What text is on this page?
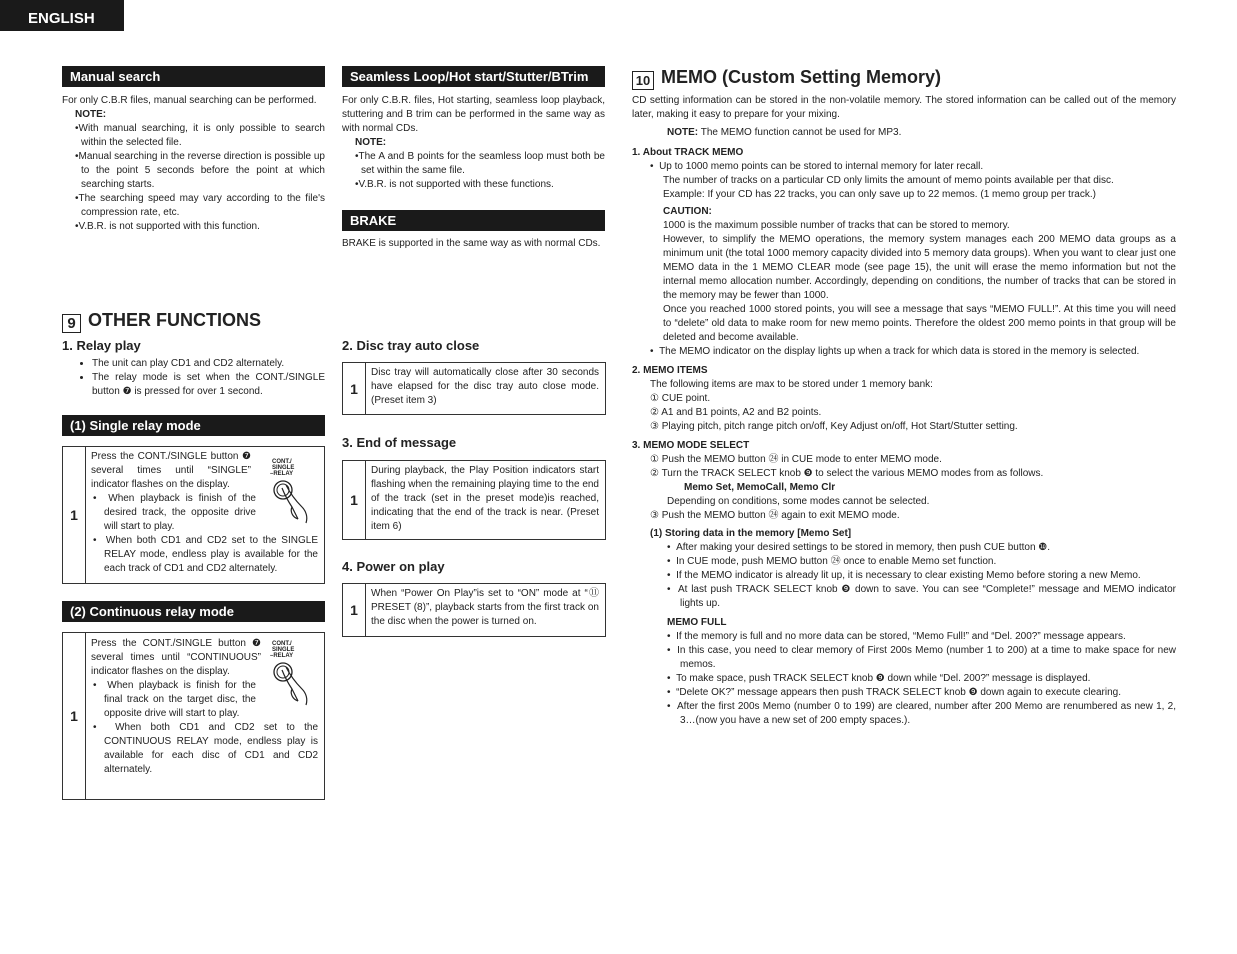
ENGLISH
Manual search

For only C.B.R files, manual searching can be performed.

NOTE:

•With manual searching, it is only possible to search within the selected file.

•Manual searching in the reverse direction is possible up to the point 5 seconds before the point at which searching starts.

•The searching speed may vary according to the file's compression rate, etc.

•V.B.R. is not supported with this function.

Seamless Loop/Hot start/Stutter/BTrim

For only C.B.R. files, Hot starting, seamless loop playback, stuttering and B trim can be performed in the same way as with normal CDs.

NOTE:

•The A and B points for the seamless loop must both be set within the same file.

•V.B.R. is not supported with these functions.

BRAKE

BRAKE is supported in the same way as with normal CDs.

9 OTHER FUNCTIONS
1. Relay play
• The unit can play CD1 and CD2 alternately.
• The relay mode is set when the CONT./SINGLE button ❼ is pressed for over 1 second.
(1) Single relay mode
1

Press the CONT./SINGLE button ❼ several times until “SINGLE” indicator flashes on the display.

•  When playback is finish of the desired track, the opposite drive will start to play.

•  When both CD1 and CD2 set to the SINGLE RELAY mode, endless play is available for the each track of CD1 and CD2 alternately.

CONT./
SINGLE
–RELAY
(2) Continuous relay mode
1

Press the CONT./SINGLE button ❼ several times until “CONTINUOUS” indicator flashes on the display.

•  When playback is finish for the final track on the target disc, the opposite drive will start to play.

•  When both CD1 and CD2 set to the CONTINUOUS RELAY mode, endless play is available for each disc of CD1 and CD2 alternately.

CONT./
SINGLE
–RELAY
2. Disc tray auto close
1
Disc tray will automatically close after 30 seconds have elapsed for the disc tray auto close mode. (Preset item 3)
3. End of message
1
During playback, the Play Position indicators start flashing when the remaining playing time to the end of the track (set in the preset mode)is reached, indicating that the end of the track is near. (Preset item 6)
4. Power on play
1
When “Power On Play”is set to “ON” mode at “⑪ PRESET (8)”, playback starts from the first track on the disc when the power is turned on.
10 MEMO (Custom Setting Memory)

CD setting information can be stored in the non-volatile memory. The stored information can be called out of the memory later, making it easy to prepare for your mixing.

NOTE: The MEMO function cannot be used for MP3.

1. About TRACK MEMO

•  Up to 1000 memo points can be stored to internal memory for later recall.

The number of tracks on a particular CD only limits the amount of memo points available per that disc.

Example: If your CD has 22 tracks, you can only save up to 22 memos. (1 memo group per track.)

CAUTION:

1000 is the maximum possible number of tracks that can be stored to memory.

However, to simplify the MEMO operations, the memory system manages each 200 MEMO data groups as a minimum unit (the total 1000 memory capacity divided into 5 memory data groups). When you want to clear just one MEMO data in the 1 MEMO CLEAR mode (see page 15), the unit will erase the memo information but not the internal memo allocation number. Accordingly, depending on conditions, the number of tracks that can be stored in the memory may be fewer than 1000.

Once you reached 1000 stored points, you will see a message that says “MEMO FULL!”. At this time you will need to “delete” old data to make room for new memo points. Therefore the oldest 200 memo points in that group will be deleted and become available.

•  The MEMO indicator on the display lights up when a track for which data is stored in the memory is selected.

2. MEMO ITEMS

The following items are max to be stored under 1 memory bank:

① CUE point.

② A1 and B1 points, A2 and B2 points.

③ Playing pitch, pitch range pitch on/off, Key Adjust on/off, Hot Start/Stutter setting.

3. MEMO MODE SELECT

① Push the MEMO button ㉔ in CUE mode to enter MEMO mode.

② Turn the TRACK SELECT knob ❾ to select the various MEMO modes from as follows.

Memo Set, MemoCall, Memo Clr

Depending on conditions, some modes cannot be selected.

③ Push the MEMO button ㉔ again to exit MEMO mode.

(1) Storing data in the memory [Memo Set]

•  After making your desired settings to be stored in memory, then push CUE button ❿.

•  In CUE mode, push MEMO button ㉔ once to enable Memo set function.

•  If the MEMO indicator is already lit up, it is necessary to clear existing Memo before storing a new Memo.

•  At last push TRACK SELECT knob ❾ down to save. You can see “Complete!” message and MEMO indicator lights up.

MEMO FULL

•  If the memory is full and no more data can be stored, “Memo Full!” and “Del. 200?” message appears.

•  In this case, you need to clear memory of First 200s Memo (number 1 to 200) at a time to make space for new memos.

•  To make space, push TRACK SELECT knob ❾ down while “Del. 200?” message is displayed.

•  “Delete OK?” message appears then push TRACK SELECT knob ❾ down again to execute clearing.

•  After the first 200s Memo (number 0 to 199) are cleared, number after 200 Memo are renumbered as new 1, 2, 3…(now you have a new set of 200 empty spaces.).
